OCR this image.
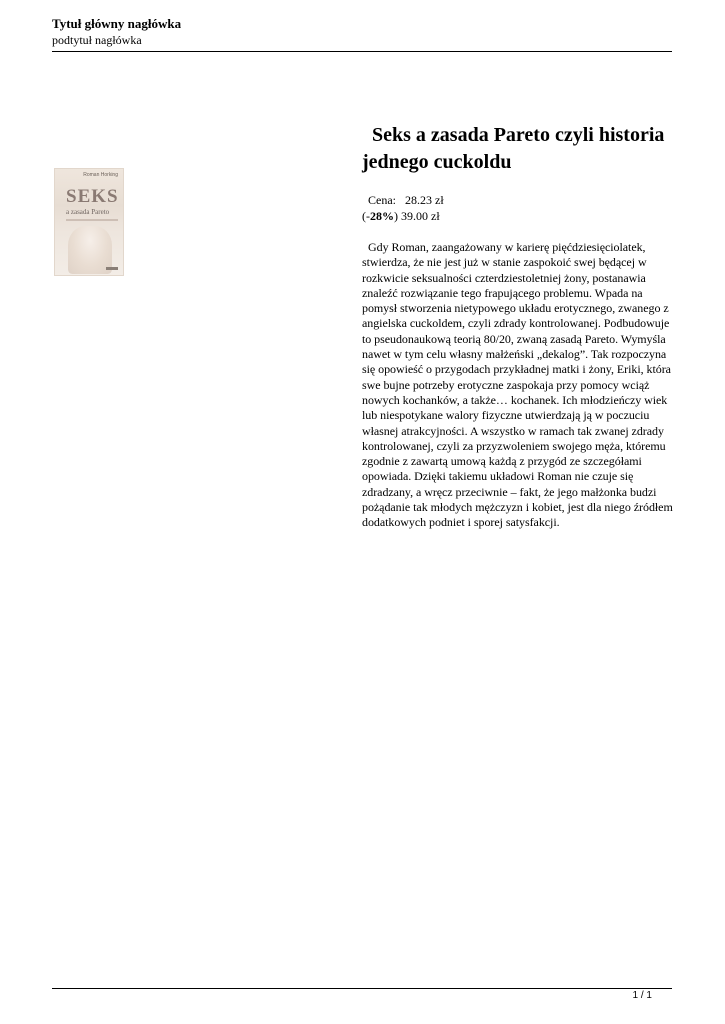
Tytuł główny nagłówka
podtytuł nagłówka
Roman Horking
SEKS
a zasada Pareto
Seks a zasada Pareto czyli historia jednego cuckoldu
Cena: 28.23 zł
(-28%) 39.00 zł
Gdy Roman, zaangażowany w karierę pięćdziesięciolatek, stwierdza, że nie jest już w stanie zaspokoić swej będącej w rozkwicie seksualności czterdziestoletniej żony, postanawia znaleźć rozwiązanie tego frapującego problemu. Wpada na pomysł stworzenia nietypowego układu erotycznego, zwanego z angielska cuckoldem, czyli zdrady kontrolowanej. Podbudowuje to pseudonaukową teorią 80/20, zwaną zasadą Pareto. Wymyśla nawet w tym celu własny małżeński „dekalog”. Tak rozpoczyna się opowieść o przygodach przykładnej matki i żony, Eriki, która swe bujne potrzeby erotyczne zaspokaja przy pomocy wciąż nowych kochanków, a także… kochanek. Ich młodzieńczy wiek lub niespotykane walory fizyczne utwierdzają ją w poczuciu własnej atrakcyjności. A wszystko w ramach tak zwanej zdrady kontrolowanej, czyli za przyzwoleniem swojego męża, któremu zgodnie z zawartą umową każdą z przygód ze szczegółami opowiada. Dzięki takiemu układowi Roman nie czuje się zdradzany, a wręcz przeciwnie – fakt, że jego małżonka budzi pożądanie tak młodych mężczyzn i kobiet, jest dla niego źródłem dodatkowych podniet i sporej satysfakcji.
1 / 1
